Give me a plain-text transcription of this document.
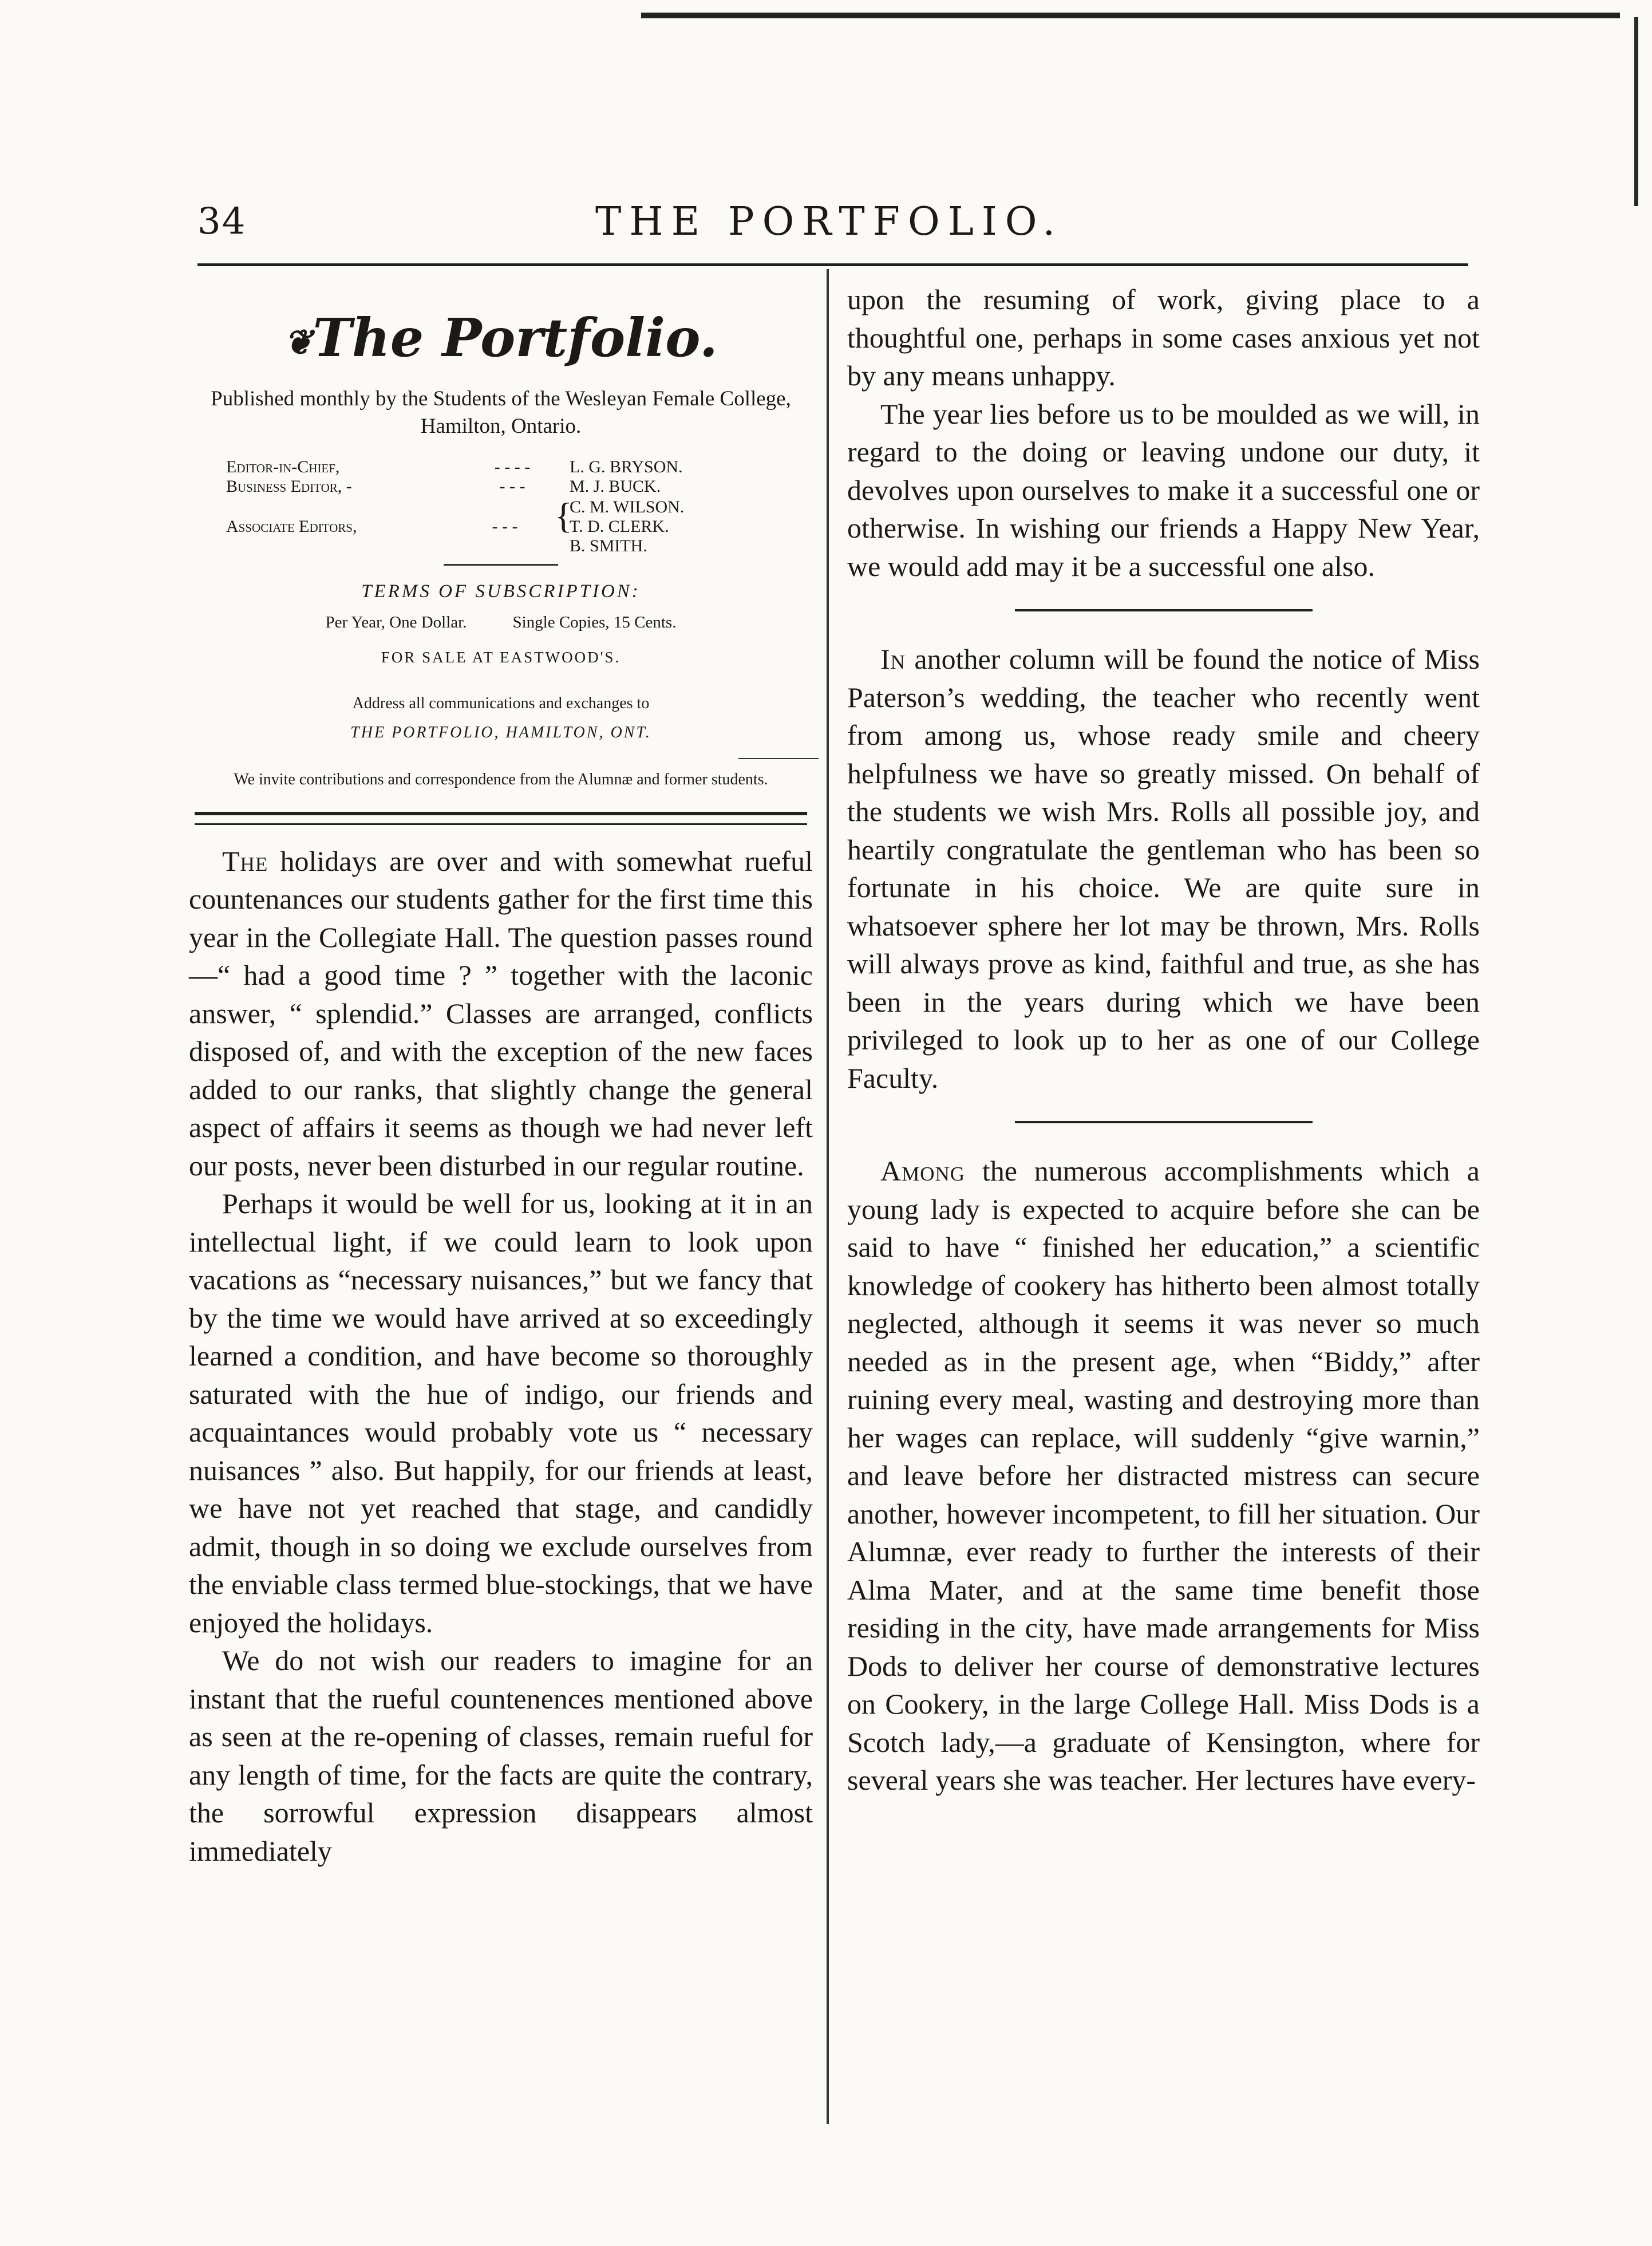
34	THE PORTFOLIO.
❦The Portfolio.
Published monthly by the Students of the Wesleyan Female College, Hamilton, Ontario.
Editor-in-Chief,	- - - -	L. G. BRYSON.
Business Editor, -	- - -	M. J. BUCK.
Associate Editors,	- - -	{
C. M. WILSON.
T. D. CLERK.
B. SMITH.
TERMS OF SUBSCRIPTION:
Per Year, One Dollar.	Single Copies, 15 Cents.
FOR SALE AT EASTWOOD'S.
Address all communications and exchanges to
THE PORTFOLIO, HAMILTON, ONT.
We invite contributions and correspondence from the Alumnæ and former students.

The holidays are over and with somewhat rueful countenances our students gather for the first time this year in the Collegiate Hall. The question passes round—“ had a good time ? ” together with the laconic answer, “ splendid.” Classes are arranged, conflicts disposed of, and with the exception of the new faces added to our ranks, that slightly change the general aspect of affairs it seems as though we had never left our posts, never been disturbed in our regular routine.

Perhaps it would be well for us, looking at it in an intellectual light, if we could learn to look upon vacations as “necessary nuisances,” but we fancy that by the time we would have arrived at so exceedingly learned a condition, and have become so thoroughly saturated with the hue of indigo, our friends and acquaintances would probably vote us “ necessary nuisances ” also. But happily, for our friends at least, we have not yet reached that stage, and candidly admit, though in so doing we exclude ourselves from the enviable class termed blue-stockings, that we have enjoyed the holidays.

We do not wish our readers to imagine for an instant that the rueful countenences mentioned above as seen at the re-opening of classes, remain rueful for any length of time, for the facts are quite the contrary, the sorrowful expression disappears almost immediately

upon the resuming of work, giving place to a thoughtful one, perhaps in some cases anxious yet not by any means unhappy.

The year lies before us to be moulded as we will, in regard to the doing or leaving undone our duty, it devolves upon ourselves to make it a successful one or otherwise. In wishing our friends a Happy New Year, we would add may it be a successful one also.

In another column will be found the notice of Miss Paterson’s wedding, the teacher who recently went from among us, whose ready smile and cheery helpfulness we have so greatly missed. On behalf of the students we wish Mrs. Rolls all possible joy, and heartily congratulate the gentleman who has been so fortunate in his choice. We are quite sure in whatsoever sphere her lot may be thrown, Mrs. Rolls will always prove as kind, faithful and true, as she has been in the years during which we have been privileged to look up to her as one of our College Faculty.

Among the numerous accomplishments which a young lady is expected to acquire before she can be said to have “ finished her education,” a scientific knowledge of cookery has hitherto been almost totally neglected, although it seems it was never so much needed as in the present age, when “Biddy,” after ruining every meal, wasting and destroying more than her wages can replace, will suddenly “give warnin,” and leave before her distracted mistress can secure another, however incompetent, to fill her situation. Our Alumnæ, ever ready to further the interests of their Alma Mater, and at the same time benefit those residing in the city, have made arrangements for Miss Dods to deliver her course of demonstrative lectures on Cookery, in the large College Hall. Miss Dods is a Scotch lady,—a graduate of Kensington, where for several years she was teacher. Her lectures have every-
